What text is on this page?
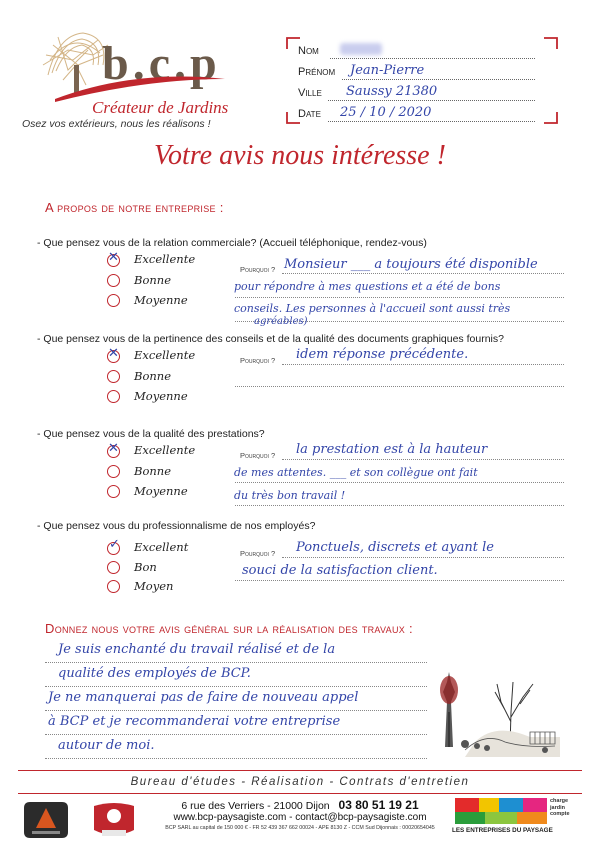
b.c.p
Créateur de Jardins
Osez vos extérieurs, nous les réalisons !
Nom
Prénom Jean-Pierre
Ville Saussy 21380
Date 25 / 10 / 2020
Votre avis nous intéresse !
A propos de notre entreprise :
- Que pensez vous de la relation commerciale? (Accueil téléphonique, rendez-vous)
✕ Excellente
Bonne
Moyenne
Pourquoi ? Monsieur ___ a toujours été disponible
pour répondre à mes questions et a été de bons
conseils. Les personnes à l'accueil sont aussi très
agréables)
- Que pensez vous de la pertinence des conseils et de la qualité des documents graphiques fournis?
✕ Excellente
Bonne
Moyenne
Pourquoi ? idem réponse précédente.
- Que pensez vous de la qualité des prestations?
✕ Excellente
Bonne
Moyenne
Pourquoi ? la prestation est à la hauteur
de mes attentes. ___ et son collègue ont fait
du très bon travail !
- Que pensez vous du professionnalisme de nos employés?
✓ Excellent
Bon
Moyen
Pourquoi ? Ponctuels, discrets et ayant le
souci de la satisfaction client.
Donnez nous votre avis général sur la réalisation des travaux :
Je suis enchanté du travail réalisé et de la
qualité des employés de BCP.
Je ne manquerai pas de faire de nouveau appel
à BCP et je recommanderai votre entreprise
autour de moi.
Bureau d'études - Réalisation - Contrats d'entretien
6 rue des Verriers - 21000 Dijon 03 80 51 19 21
www.bcp-paysagiste.com - contact@bcp-paysagiste.com
BCP SARL au capital de 150 000 € - FR 52 439 367 662 00024 - APE 8130 Z - CCM Sud Dijonnais : 00020654045
charge
jardin
compte
LES ENTREPRISES DU PAYSAGE
